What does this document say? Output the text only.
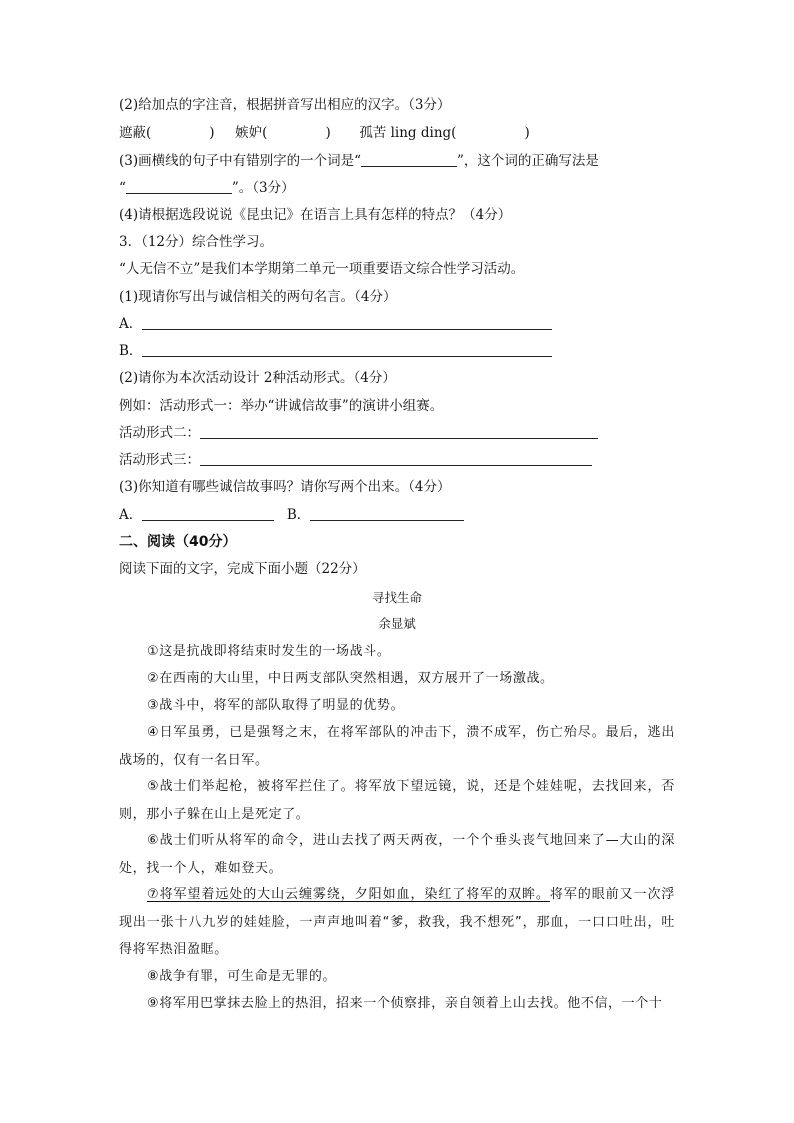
(2)给加点的字注音，根据拼音写出相应的汉字。（3分）
遮蔽(	) 嫉妒(	) 孤苦 ling ding(	)
(3)画横线的句子中有错别字的一个词是“	”，这个词的正确写法是
“	”。（3分）
(4)请根据选段说说《昆虫记》在语言上具有怎样的特点？（4分）
3．（12分）综合性学习。
“人无信不立”是我们本学期第二单元一项重要语文综合性学习活动。
(1)现请你写出与诚信相关的两句名言。（4分）
A．
B．
(2)请你为本次活动设计 2种活动形式。（4分）
例如：活动形式一：举办“讲诚信故事”的演讲小组赛。
活动形式二：
活动形式三：
(3)你知道有哪些诚信故事吗？请你写两个出来。（4分）
A．	B．
二、阅读（40分）
阅读下面的文字，完成下面小题（22分）
寻找生命
余显斌
①这是抗战即将结束时发生的一场战斗。
②在西南的大山里，中日两支部队突然相遇，双方展开了一场激战。
③战斗中，将军的部队取得了明显的优势。
④日军虽勇，已是强弩之末，在将军部队的冲击下，溃不成军，伤亡殆尽。最后，逃出战场的，仅有一名日军。
⑤战士们举起枪，被将军拦住了。将军放下望远镜，说，还是个娃娃呢，去找回来，否则，那小子躲在山上是死定了。
⑥战士们听从将军的命令，进山去找了两天两夜，一个个垂头丧气地回来了—大山的深处，找一个人，难如登天。
⑦将军望着远处的大山云缠雾绕，夕阳如血，染红了将军的双眸。将军的眼前又一次浮现出一张十八九岁的娃娃脸，一声声地叫着“爹，救我，我不想死”，那血，一口口吐出，吐得将军热泪盈眶。
⑧战争有罪，可生命是无罪的。
⑨将军用巴掌抹去脸上的热泪，招来一个侦察排，亲自领着上山去找。他不信，一个十
